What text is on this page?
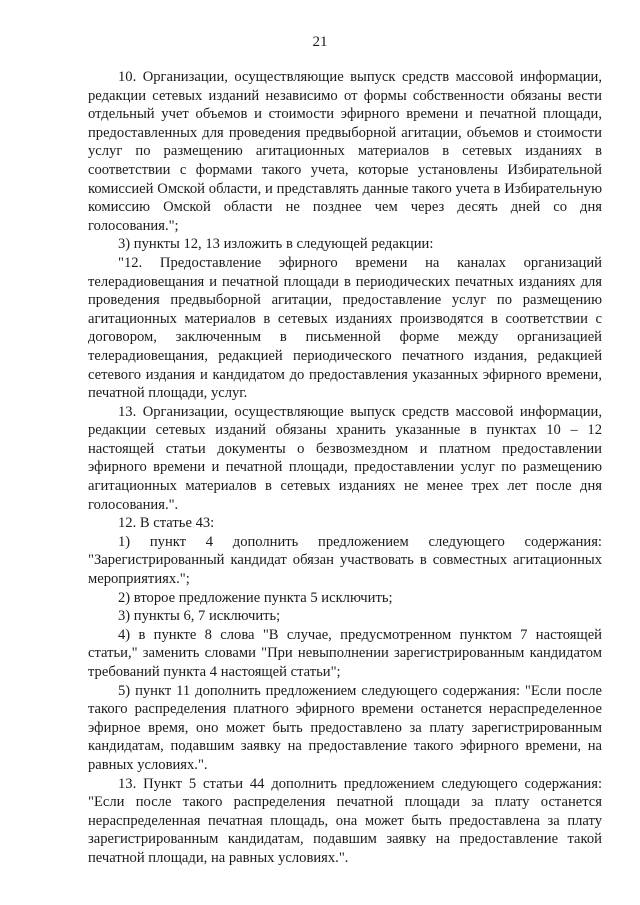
21

10. Организации, осуществляющие выпуск средств массовой информации, редакции сетевых изданий независимо от формы собственности обязаны вести отдельный учет объемов и стоимости эфирного времени и печатной площади, предоставленных для проведения предвыборной агитации, объемов и стоимости услуг по размещению агитационных материалов в сетевых изданиях в соответствии с формами такого учета, которые установлены Избирательной комиссией Омской области, и представлять данные такого учета в Избирательную комиссию Омской области не позднее чем через десять дней со дня голосования.";

3) пункты 12, 13 изложить в следующей редакции:

"12. Предоставление эфирного времени на каналах организаций телерадиовещания и печатной площади в периодических печатных изданиях для проведения предвыборной агитации, предоставление услуг по размещению агитационных материалов в сетевых изданиях производятся в соответствии с договором, заключенным в письменной форме между организацией телерадиовещания, редакцией периодического печатного издания, редакцией сетевого издания и кандидатом до предоставления указанных эфирного времени, печатной площади, услуг.

13. Организации, осуществляющие выпуск средств массовой информации, редакции сетевых изданий обязаны хранить указанные в пунктах 10 – 12 настоящей статьи документы о безвозмездном и платном предоставлении эфирного времени и печатной площади, предоставлении услуг по размещению агитационных материалов в сетевых изданиях не менее трех лет после дня голосования.".

12. В статье 43:

1) пункт 4 дополнить предложением следующего содержания: "Зарегистрированный кандидат обязан участвовать в совместных агитационных мероприятиях.";

2) второе предложение пункта 5 исключить;

3) пункты 6, 7 исключить;

4) в пункте 8 слова "В случае, предусмотренном пунктом 7 настоящей статьи," заменить словами "При невыполнении зарегистрированным кандидатом требований пункта 4 настоящей статьи";

5) пункт 11 дополнить предложением следующего содержания: "Если после такого распределения платного эфирного времени останется нераспределенное эфирное время, оно может быть предоставлено за плату зарегистрированным кандидатам, подавшим заявку на предоставление такого эфирного времени, на равных условиях.".

13. Пункт 5 статьи 44 дополнить предложением следующего содержания: "Если после такого распределения печатной площади за плату останется нераспределенная печатная площадь, она может быть предоставлена за плату зарегистрированным кандидатам, подавшим заявку на предоставление такой печатной площади, на равных условиях.".
